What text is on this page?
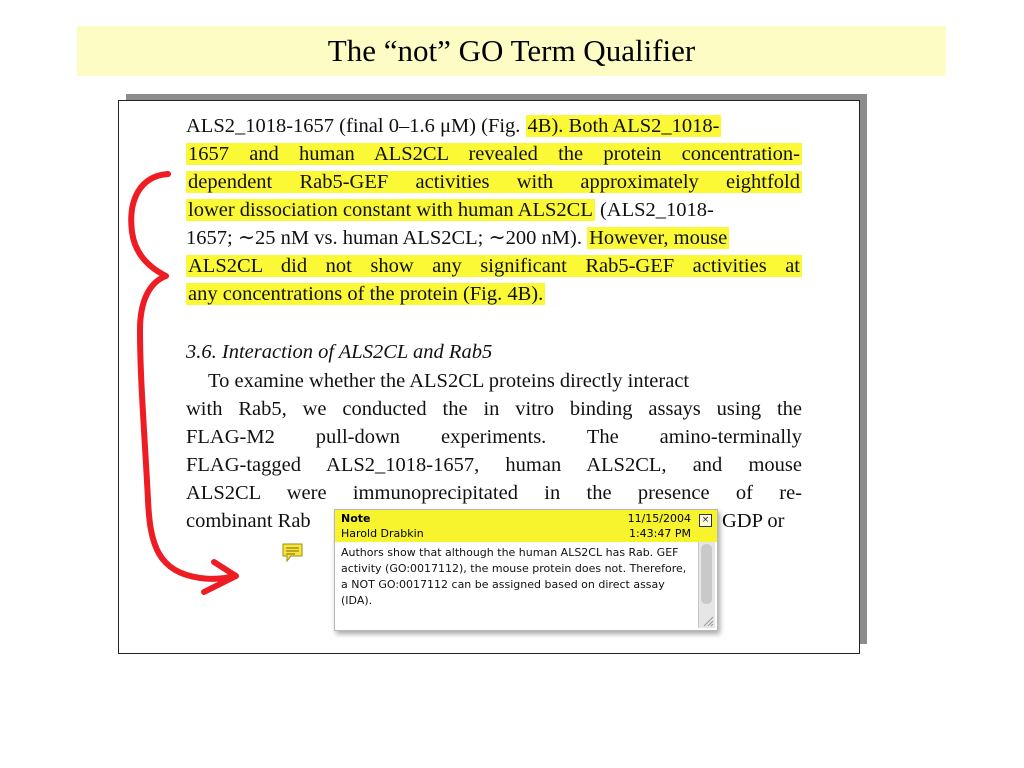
The “not” GO Term Qualifier
ALS2_1018-1657 (final 0–1.6 μM) (Fig. 4B). Both ALS2_1018-
1657 and human ALS2CL revealed the protein concentration-
dependent Rab5-GEF activities with approximately eightfold
lower dissociation constant with human ALS2CL (ALS2_1018-
1657; ∼25 nM vs. human ALS2CL; ∼200 nM). However, mouse
ALS2CL did not show any significant Rab5-GEF activities at
any concentrations of the protein (Fig. 4B).
3.6. Interaction of ALS2CL and Rab5
To examine whether the ALS2CL proteins directly interact
with Rab5, we conducted the in vitro binding assays using the
FLAG-M2 pull-down experiments. The amino-terminally
FLAG-tagged ALS2_1018-1657, human ALS2CL, and mouse
ALS2CL were immunoprecipitated in the presence of re-
combinant Rab	GDP or
Note
Harold Drabkin
11/15/2004
1:43:47 PM
×
Authors show that although the human ALS2CL has Rab. GEF activity (GO:0017112), the mouse protein does not. Therefore, a NOT GO:0017112 can be assigned based on direct assay (IDA).
